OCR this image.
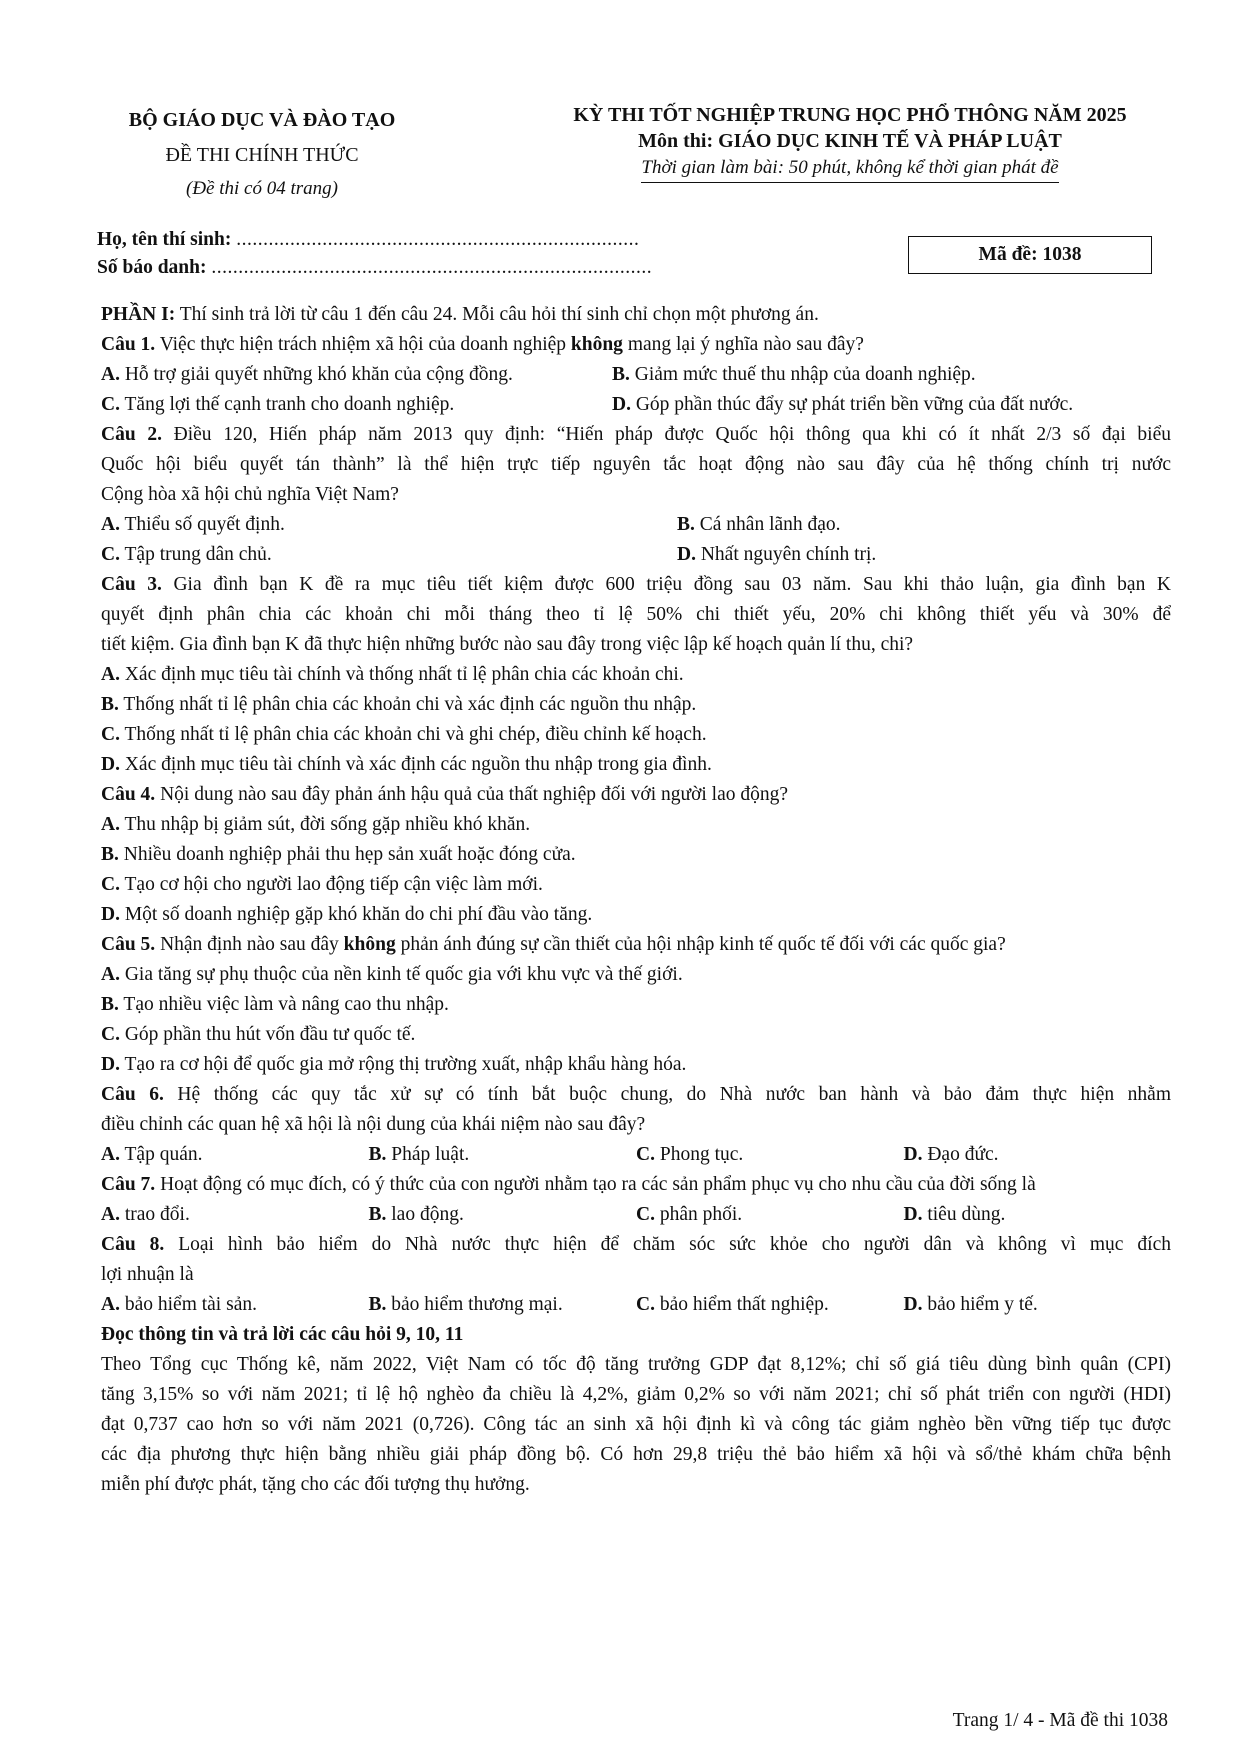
BỘ GIÁO DỤC VÀ ĐÀO TẠO
ĐỀ THI CHÍNH THỨC
(Đề thi có 04 trang)
KỲ THI TỐT NGHIỆP TRUNG HỌC PHỔ THÔNG NĂM 2025
Môn thi: GIÁO DỤC KINH TẾ VÀ PHÁP LUẬT
Thời gian làm bài: 50 phút, không kể thời gian phát đề
Họ, tên thí sinh: ...........................................................................
Số báo danh: ..................................................................................
Mã đề: 1038
PHẦN I: Thí sinh trả lời từ câu 1 đến câu 24. Mỗi câu hỏi thí sinh chỉ chọn một phương án.
Câu 1. Việc thực hiện trách nhiệm xã hội của doanh nghiệp không mang lại ý nghĩa nào sau đây?
A. Hỗ trợ giải quyết những khó khăn của cộng đồng.	B. Giảm mức thuế thu nhập của doanh nghiệp.
C. Tăng lợi thế cạnh tranh cho doanh nghiệp.	D. Góp phần thúc đẩy sự phát triển bền vững của đất nước.
Câu 2. Điều 120, Hiến pháp năm 2013 quy định: “Hiến pháp được Quốc hội thông qua khi có ít nhất 2/3 số đại biểu
Quốc hội biểu quyết tán thành” là thể hiện trực tiếp nguyên tắc hoạt động nào sau đây của hệ thống chính trị nước
Cộng hòa xã hội chủ nghĩa Việt Nam?
A. Thiểu số quyết định.	B. Cá nhân lãnh đạo.
C. Tập trung dân chủ.	D. Nhất nguyên chính trị.
Câu 3. Gia đình bạn K đề ra mục tiêu tiết kiệm được 600 triệu đồng sau 03 năm. Sau khi thảo luận, gia đình bạn K
quyết định phân chia các khoản chi mỗi tháng theo tỉ lệ 50% chi thiết yếu, 20% chi không thiết yếu và 30% để
tiết kiệm. Gia đình bạn K đã thực hiện những bước nào sau đây trong việc lập kế hoạch quản lí thu, chi?
A. Xác định mục tiêu tài chính và thống nhất tỉ lệ phân chia các khoản chi.
B. Thống nhất tỉ lệ phân chia các khoản chi và xác định các nguồn thu nhập.
C. Thống nhất tỉ lệ phân chia các khoản chi và ghi chép, điều chỉnh kế hoạch.
D. Xác định mục tiêu tài chính và xác định các nguồn thu nhập trong gia đình.
Câu 4. Nội dung nào sau đây phản ánh hậu quả của thất nghiệp đối với người lao động?
A. Thu nhập bị giảm sút, đời sống gặp nhiều khó khăn.
B. Nhiều doanh nghiệp phải thu hẹp sản xuất hoặc đóng cửa.
C. Tạo cơ hội cho người lao động tiếp cận việc làm mới.
D. Một số doanh nghiệp gặp khó khăn do chi phí đầu vào tăng.
Câu 5. Nhận định nào sau đây không phản ánh đúng sự cần thiết của hội nhập kinh tế quốc tế đối với các quốc gia?
A. Gia tăng sự phụ thuộc của nền kinh tế quốc gia với khu vực và thế giới.
B. Tạo nhiều việc làm và nâng cao thu nhập.
C. Góp phần thu hút vốn đầu tư quốc tế.
D. Tạo ra cơ hội để quốc gia mở rộng thị trường xuất, nhập khẩu hàng hóa.
Câu 6. Hệ thống các quy tắc xử sự có tính bắt buộc chung, do Nhà nước ban hành và bảo đảm thực hiện nhằm
điều chỉnh các quan hệ xã hội là nội dung của khái niệm nào sau đây?
A. Tập quán.	B. Pháp luật.	C. Phong tục.	D. Đạo đức.
Câu 7. Hoạt động có mục đích, có ý thức của con người nhằm tạo ra các sản phẩm phục vụ cho nhu cầu của đời sống là
A. trao đổi.	B. lao động.	C. phân phối.	D. tiêu dùng.
Câu 8. Loại hình bảo hiểm do Nhà nước thực hiện để chăm sóc sức khỏe cho người dân và không vì mục đích
lợi nhuận là
A. bảo hiểm tài sản.	B. bảo hiểm thương mại.	C. bảo hiểm thất nghiệp.	D. bảo hiểm y tế.
Đọc thông tin và trả lời các câu hỏi 9, 10, 11
Theo Tổng cục Thống kê, năm 2022, Việt Nam có tốc độ tăng trưởng GDP đạt 8,12%; chỉ số giá tiêu dùng bình quân (CPI)
tăng 3,15% so với năm 2021; tỉ lệ hộ nghèo đa chiều là 4,2%, giảm 0,2% so với năm 2021; chỉ số phát triển con người (HDI)
đạt 0,737 cao hơn so với năm 2021 (0,726). Công tác an sinh xã hội định kì và công tác giảm nghèo bền vững tiếp tục được
các địa phương thực hiện bằng nhiều giải pháp đồng bộ. Có hơn 29,8 triệu thẻ bảo hiểm xã hội và sổ/thẻ khám chữa bệnh
miễn phí được phát, tặng cho các đối tượng thụ hưởng.
Trang 1/ 4 - Mã đề thi 1038
